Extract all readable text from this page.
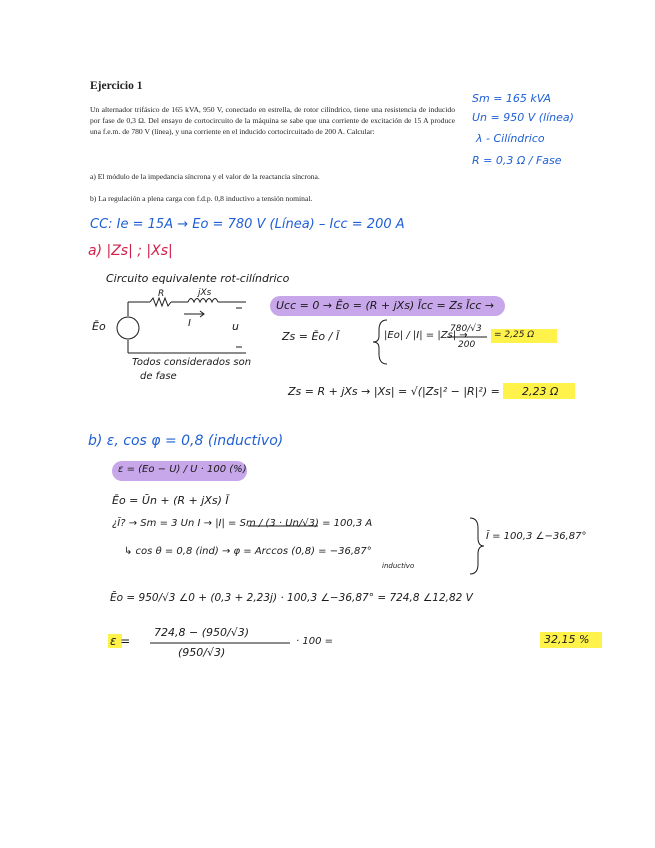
Ejercicio 1
Un alternador trifásico de 165 kVA, 950 V, conectado en estrella, de rotor cilíndrico, tiene una resistencia de inducido por fase de 0,3 Ω. Del ensayo de cortocircuito de la máquina se sabe que una corriente de excitación de 15 A produce una f.e.m. de 780 V (línea), y una corriente en el inducido cortocircuitado de 200 A. Calcular:
a) El módulo de la impedancia síncrona y el valor de la reactancia síncrona.
b) La regulación a plena carga con f.d.p. 0,8 inductivo a tensión nominal.
Sm = 165 kVA
Un = 950 V (línea)
λ - Cilíndrico
R = 0,3 Ω / Fase
CC: Ie = 15A → Eo = 780 V (Línea) – Icc = 200 A
a) |Zs| ; |Xs|
Circuito equivalente rot-cilíndrico
R	jXs
Ēo	I	u
Todos considerados son
de fase
Ucc = 0 → Ēo = (R + jXs) Īcc = Zs Īcc →
Zs = Ēo / Ī	|Eo| / |I| = |Zs| →
780/√3
200
= 2,25 Ω
Zs = R + jXs → |Xs| = √(|Zs|² − |R|²) = 2,23 Ω
b) ε, cos φ = 0,8 (inductivo)
ε = (Eo − U) / U · 100 (%)
Ēo = Ūn + (R + jXs) Ī
¿Ī? → Sm = 3 Un I → |I| = Sm / (3 · Un/√3) = 100,3 A
↳ cos θ = 0,8 (ind) → φ = Arccos (0,8) = −36,87°
inductivo
Ī = 100,3 ∠−36,87°
Ēo = 950/√3 ∠0 + (0,3 + 2,23j) · 100,3 ∠−36,87° = 724,8 ∠12,82 V
ε =
724,8 − (950/√3)
(950/√3)
· 100 =	32,15 %
